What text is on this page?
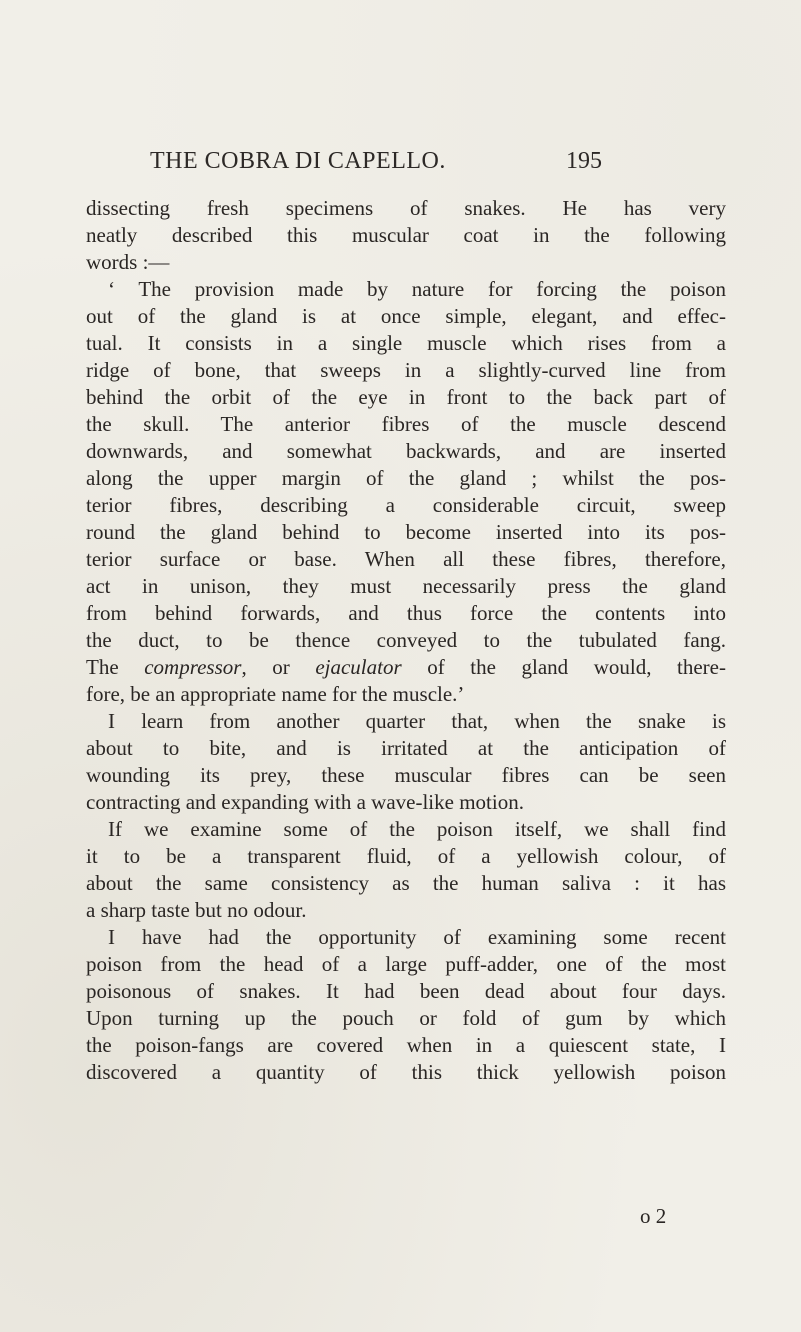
THE COBRA DI CAPELLO.	195
dissecting fresh specimens of snakes. He has very
neatly described this muscular coat in the following
words :—
‘ The provision made by nature for forcing the poison
out of the gland is at once simple, elegant, and effec-
tual. It consists in a single muscle which rises from a
ridge of bone, that sweeps in a slightly-curved line from
behind the orbit of the eye in front to the back part of
the skull. The anterior fibres of the muscle descend
downwards, and somewhat backwards, and are inserted
along the upper margin of the gland ; whilst the pos-
terior fibres, describing a considerable circuit, sweep
round the gland behind to become inserted into its pos-
terior surface or base. When all these fibres, therefore,
act in unison, they must necessarily press the gland
from behind forwards, and thus force the contents into
the duct, to be thence conveyed to the tubulated fang.
The compressor, or ejaculator of the gland would, there-
fore, be an appropriate name for the muscle.’
I learn from another quarter that, when the snake is
about to bite, and is irritated at the anticipation of
wounding its prey, these muscular fibres can be seen
contracting and expanding with a wave-like motion.
If we examine some of the poison itself, we shall find
it to be a transparent fluid, of a yellowish colour, of
about the same consistency as the human saliva : it has
a sharp taste but no odour.
I have had the opportunity of examining some recent
poison from the head of a large puff-adder, one of the most
poisonous of snakes. It had been dead about four days.
Upon turning up the pouch or fold of gum by which
the poison-fangs are covered when in a quiescent state, I
discovered a quantity of this thick yellowish poison
o 2
